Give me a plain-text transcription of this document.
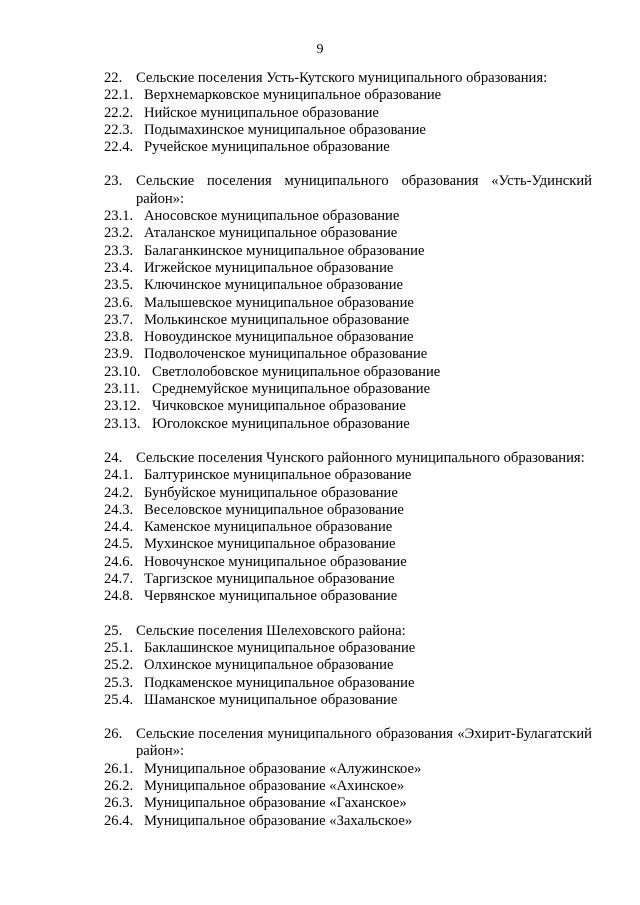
9
22. Сельские поселения Усть-Кутского муниципального образования:
22.1. Верхнемарковское муниципальное образование
22.2. Нийское муниципальное образование
22.3. Подымахинское муниципальное образование
22.4. Ручейское муниципальное образование
23. Сельские поселения муниципального образования «Усть-Удинский район»:
23.1. Аносовское муниципальное образование
23.2. Аталанское муниципальное образование
23.3. Балаганкинское муниципальное образование
23.4. Игжейское муниципальное образование
23.5. Ключинское муниципальное образование
23.6. Малышевское муниципальное образование
23.7. Молькинское муниципальное образование
23.8. Новоудинское муниципальное образование
23.9. Подволоченское муниципальное образование
23.10. Светлолобовское муниципальное образование
23.11. Среднемуйское муниципальное образование
23.12. Чичковское муниципальное образование
23.13. Юголокское муниципальное образование
24. Сельские поселения Чунского районного муниципального образования:
24.1. Балтуринское муниципальное образование
24.2. Бунбуйское муниципальное образование
24.3. Веселовское муниципальное образование
24.4. Каменское муниципальное образование
24.5. Мухинское муниципальное образование
24.6. Новочунское муниципальное образование
24.7. Таргизское муниципальное образование
24.8. Червянское муниципальное образование
25. Сельские поселения Шелеховского района:
25.1. Баклашинское муниципальное образование
25.2. Олхинское муниципальное образование
25.3. Подкаменское муниципальное образование
25.4. Шаманское муниципальное образование
26. Сельские поселения муниципального образования «Эхирит-Булагатский район»:
26.1. Муниципальное образование «Алужинское»
26.2. Муниципальное образование «Ахинское»
26.3. Муниципальное образование «Гаханское»
26.4. Муниципальное образование «Захальское»
